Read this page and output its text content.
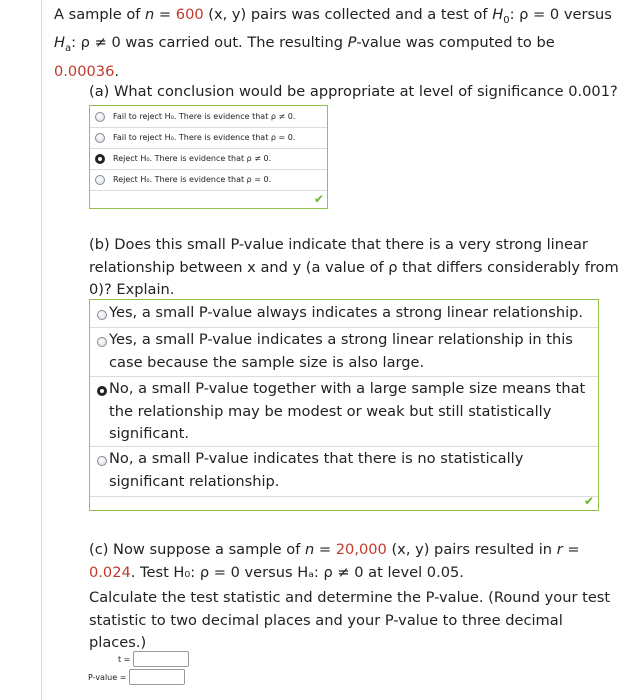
A sample of n = 600 (x, y) pairs was collected and a test of $H_0$: ρ = 0 versus $H_a$: ρ ≠ 0 was carried out. The resulting P-value was computed to be
0.00036.
(a) What conclusion would be appropriate at level of significance 0.001?
Fail to reject H₀. There is evidence that ρ ≠ 0.
Fail to reject H₀. There is evidence that ρ = 0.
Reject H₀. There is evidence that ρ ≠ 0.
Reject H₀. There is evidence that ρ = 0.
✔
(b) Does this small P-value indicate that there is a very strong linear
relationship between x and y (a value of ρ that differs considerably from
0)? Explain.
Yes, a small P-value always indicates a strong linear relationship.
Yes, a small P-value indicates a strong linear relationship in this case because the sample size is also large.
No, a small P-value together with a large sample size means that the relationship may be modest or weak but still statistically significant.
No, a small P-value indicates that there is no statistically significant relationship.
✔
(c) Now suppose a sample of n = 20,000 (x, y) pairs resulted in r =
0.024. Test H₀: ρ = 0 versus Hₐ: ρ ≠ 0 at level 0.05.
Calculate the test statistic and determine the P-value. (Round your test
statistic to two decimal places and your P-value to three decimal
places.)
t =
P-value =
